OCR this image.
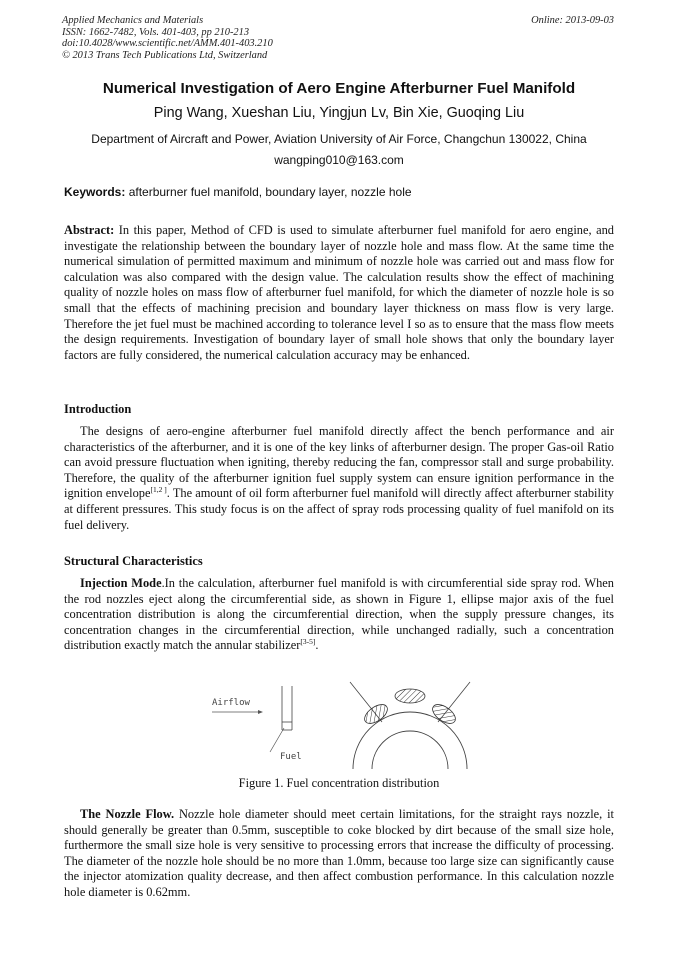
Applied Mechanics and Materials
ISSN: 1662-7482, Vols. 401-403, pp 210-213
doi:10.4028/www.scientific.net/AMM.401-403.210
© 2013 Trans Tech Publications Ltd, Switzerland
Online: 2013-09-03
Numerical Investigation of Aero Engine Afterburner Fuel Manifold
Ping Wang, Xueshan Liu, Yingjun Lv, Bin Xie, Guoqing Liu
Department of Aircraft and Power, Aviation University of Air Force, Changchun 130022, China
wangping010@163.com
Keywords: afterburner fuel manifold, boundary layer, nozzle hole
Abstract: In this paper, Method of CFD is used to simulate afterburner fuel manifold for aero engine, and investigate the relationship between the boundary layer of nozzle hole and mass flow. At the same time the numerical simulation of permitted maximum and minimum of nozzle hole was carried out and mass flow for calculation was also compared with the design value. The calculation results show the effect of machining quality of nozzle holes on mass flow of afterburner fuel manifold, for which the diameter of nozzle hole is so small that the effects of machining precision and boundary layer thickness on mass flow is very large. Therefore the jet fuel must be machined according to tolerance level I so as to ensure that the mass flow meets the design requirements. Investigation of boundary layer of small hole shows that only the boundary layer factors are fully considered, the numerical calculation accuracy may be enhanced.
Introduction
The designs of aero-engine afterburner fuel manifold directly affect the bench performance and air characteristics of the afterburner, and it is one of the key links of afterburner design. The proper Gas-oil Ratio can avoid pressure fluctuation when igniting, thereby reducing the fan, compressor stall and surge probability. Therefore, the quality of the afterburner ignition fuel supply system can ensure ignition performance in the ignition envelope[1,2 ]. The amount of oil form afterburner fuel manifold will directly affect afterburner stability at different pressures. This study focus is on the affect of spray rods processing quality of fuel manifold on its fuel delivery.
Structural Characteristics
Injection Mode.In the calculation, afterburner fuel manifold is with circumferential side spray rod. When the rod nozzles eject along the circumferential side, as shown in Figure 1, ellipse major axis of the fuel concentration distribution is along the circumferential direction, when the supply pressure changes, its concentration changes in the circumferential direction, while unchanged radially, such a concentration distribution exactly match the annular stabilizer[3-5].
Airflow
Fuel
Figure 1. Fuel concentration distribution
The Nozzle Flow. Nozzle hole diameter should meet certain limitations, for the straight rays nozzle, it should generally be greater than 0.5mm, susceptible to coke blocked by dirt because of the small size hole, furthermore the small size hole is very sensitive to processing errors that increase the difficulty of processing. The diameter of the nozzle hole should be no more than 1.0mm, because too large size can significantly cause the injector atomization quality decrease, and then affect combustion performance. In this calculation nozzle hole diameter is 0.62mm.
